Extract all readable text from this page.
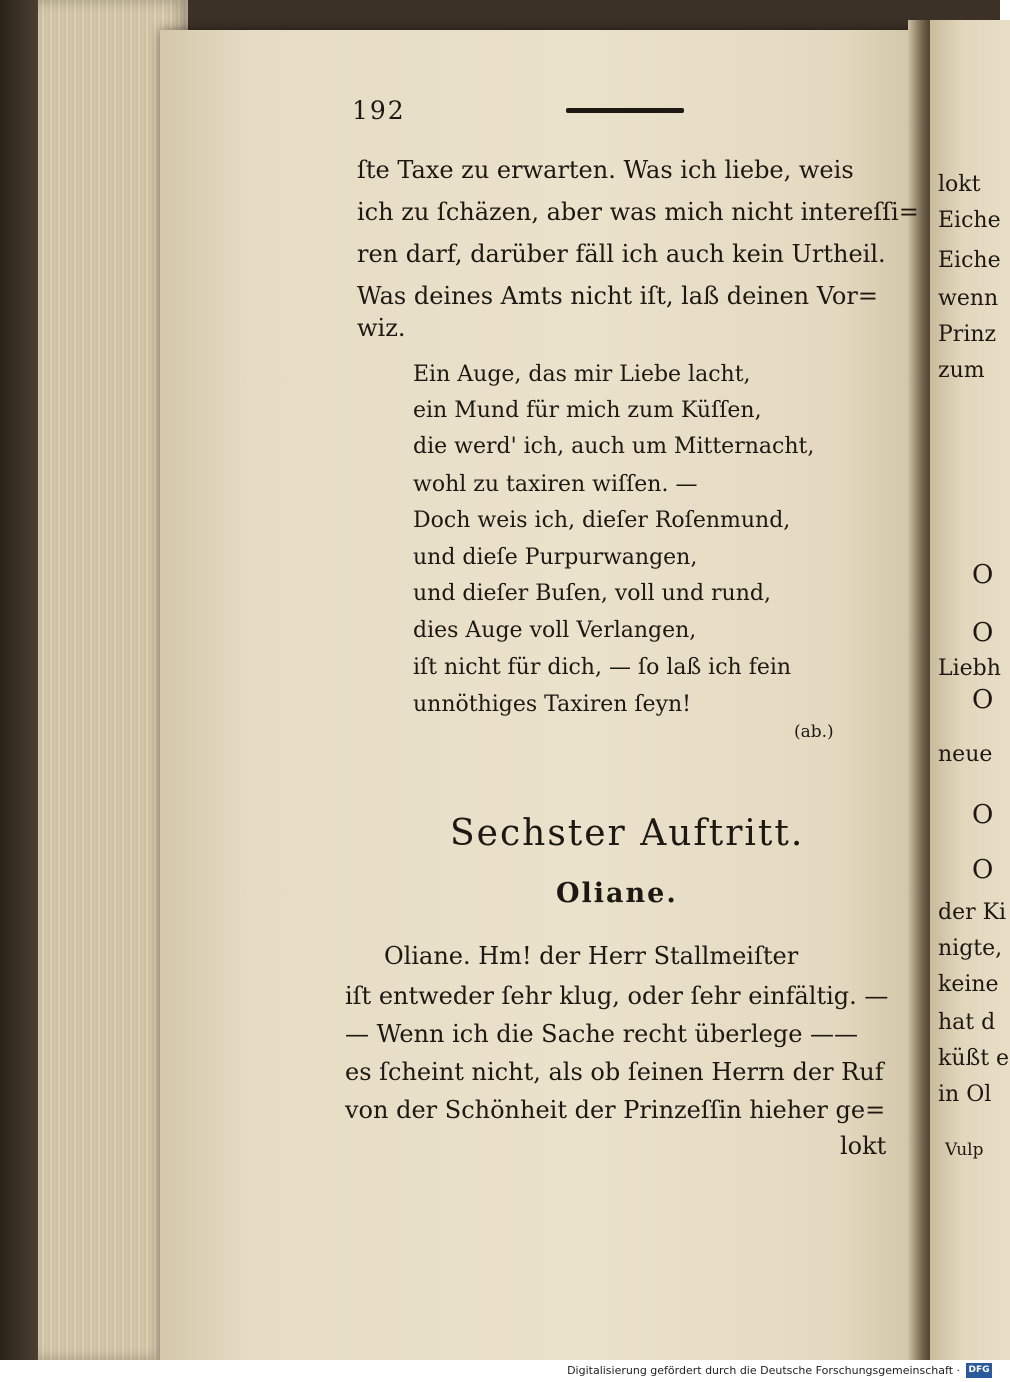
192
ſte Taxe zu erwarten. Was ich liebe, weis
ich zu ſchäzen, aber was mich nicht intereſſi=
ren darf, darüber fäll ich auch kein Urtheil.
Was deines Amts nicht iſt, laß deinen Vor=
wiz.
Ein Auge, das mir Liebe lacht,
ein Mund für mich zum Küſſen,
die werd' ich, auch um Mitternacht,
wohl zu taxiren wiſſen. —
Doch weis ich, dieſer Roſenmund,
und dieſe Purpurwangen,
und dieſer Buſen, voll und rund,
dies Auge voll Verlangen,
iſt nicht für dich, — ſo laß ich fein
unnöthiges Taxiren ſeyn!
(ab.)
Sechster Auftritt.
Oliane.
Oliane. Hm! der Herr Stallmeiſter
iſt entweder ſehr klug, oder ſehr einfältig. —
— Wenn ich die Sache recht überlege ——
es ſcheint nicht, als ob ſeinen Herrn der Ruf
von der Schönheit der Prinzeſſin hieher ge=
lokt
lokt
Eiche
Eiche
wenn
Prinz
zum
O
O
Liebh
O
neue
O
O
der Ki
nigte,
keine
hat d
küßt e
in Ol
Vulp
Digitalisierung gefördert durch die Deutsche Forschungsgemeinschaft · DFG
